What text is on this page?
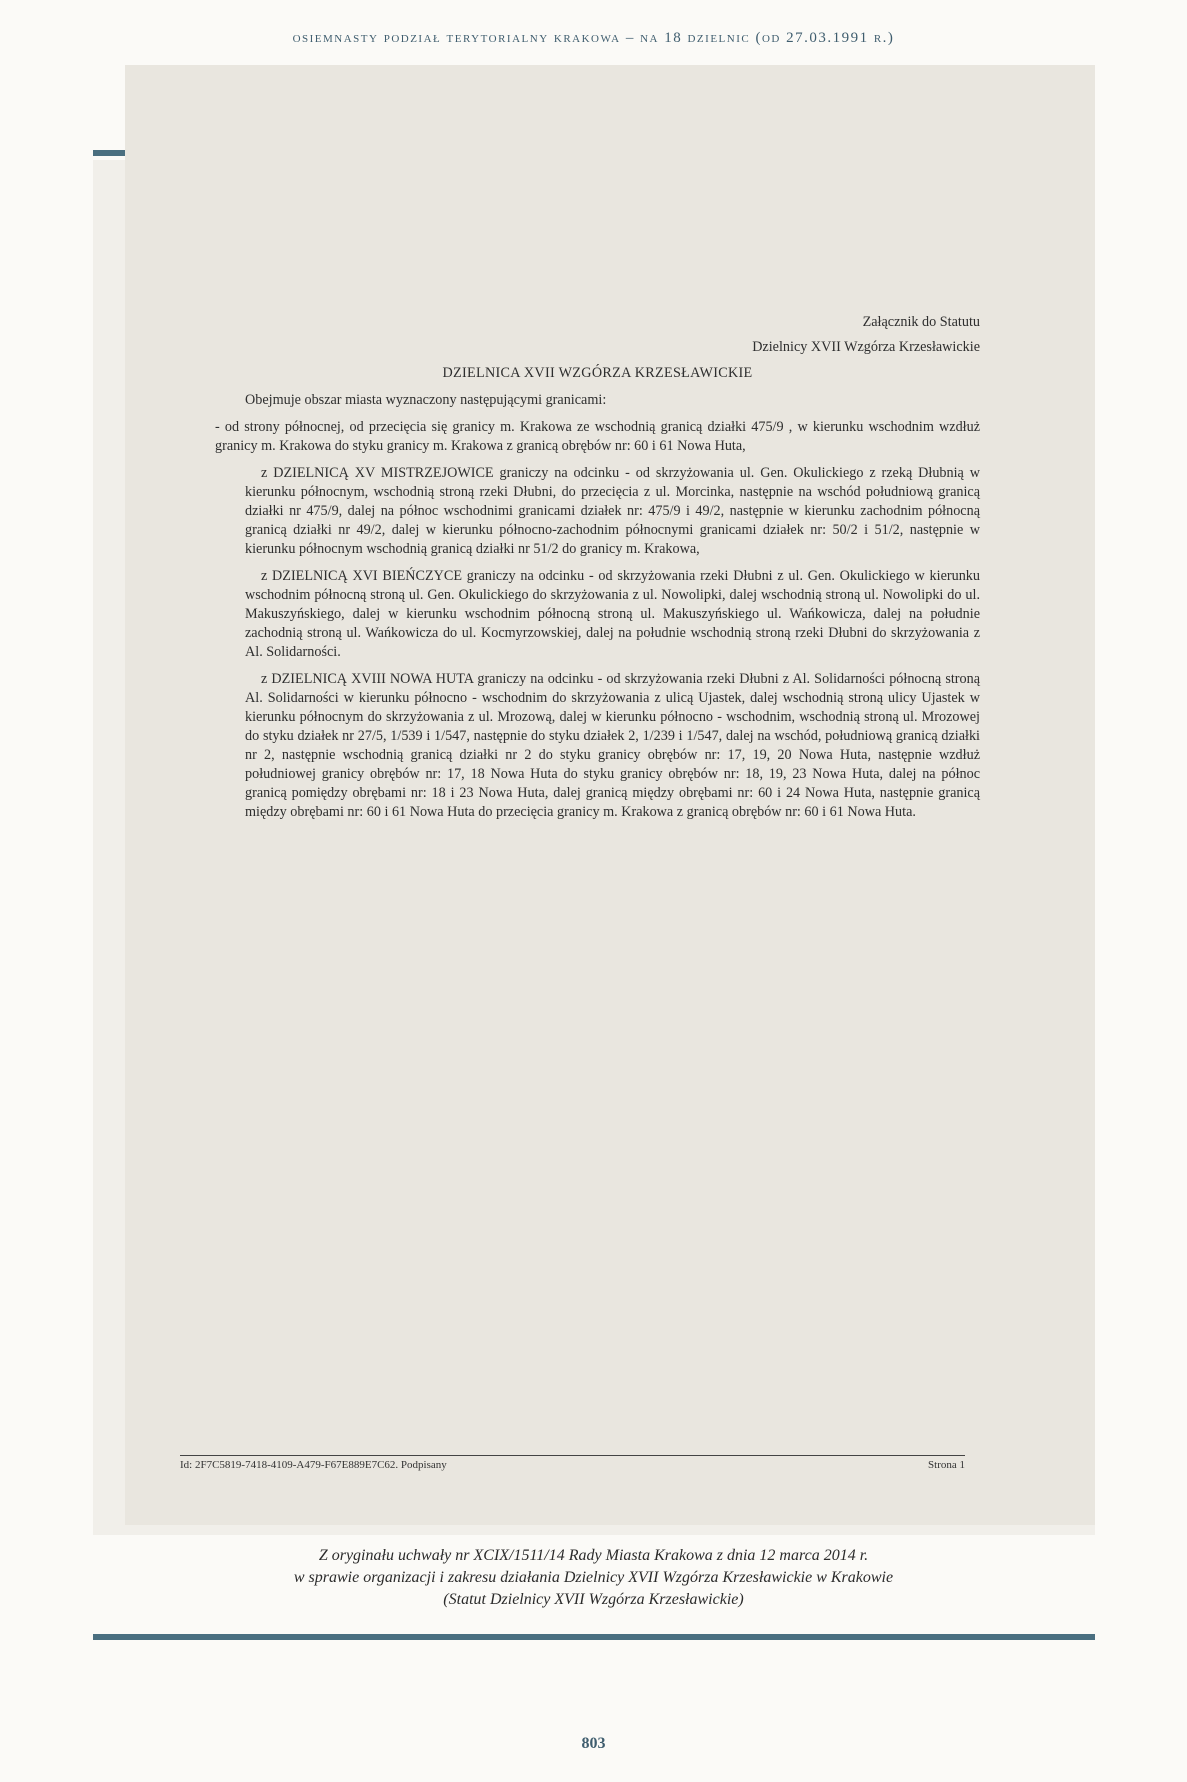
osiemnasty podział terytorialny krakowa – na 18 dzielnic (od 27.03.1991 r.)
Załącznik do Statutu
Dzielnicy XVII Wzgórza Krzesławickie
DZIELNICA XVII WZGÓRZA KRZESŁAWICKIE
Obejmuje obszar miasta wyznaczony następującymi granicami:
- od strony północnej, od przecięcia się granicy m. Krakowa ze wschodnią granicą działki 475/9 , w kierunku wschodnim wzdłuż granicy m. Krakowa do styku granicy m. Krakowa z granicą obrębów nr: 60 i 61 Nowa Huta,
z DZIELNICĄ XV MISTRZEJOWICE graniczy na odcinku - od skrzyżowania ul. Gen. Okulickiego z rzeką Dłubnią w kierunku północnym, wschodnią stroną rzeki Dłubni, do przecięcia z ul. Morcinka, następnie na wschód południową granicą działki nr 475/9, dalej na północ wschodnimi granicami działek nr: 475/9 i 49/2, następnie w kierunku zachodnim północną granicą działki nr 49/2, dalej w kierunku północno-zachodnim północnymi granicami działek nr: 50/2 i 51/2, następnie w kierunku północnym wschodnią granicą działki nr 51/2 do granicy m. Krakowa,
z DZIELNICĄ XVI BIEŃCZYCE graniczy na odcinku - od skrzyżowania rzeki Dłubni z ul. Gen. Okulickiego w kierunku wschodnim północną stroną ul. Gen. Okulickiego do skrzyżowania z ul. Nowolipki, dalej wschodnią stroną ul. Nowolipki do ul. Makuszyńskiego, dalej w kierunku wschodnim północną stroną ul. Makuszyńskiego ul. Wańkowicza, dalej na południe zachodnią stroną ul. Wańkowicza do ul. Kocmyrzowskiej, dalej na południe wschodnią stroną rzeki Dłubni do skrzyżowania z Al. Solidarności.
z DZIELNICĄ XVIII NOWA HUTA graniczy na odcinku - od skrzyżowania rzeki Dłubni z Al. Solidarności północną stroną Al. Solidarności w kierunku północno - wschodnim do skrzyżowania z ulicą Ujastek, dalej wschodnią stroną ulicy Ujastek w kierunku północnym do skrzyżowania z ul. Mrozową, dalej w kierunku północno - wschodnim, wschodnią stroną ul. Mrozowej do styku działek nr 27/5, 1/539 i 1/547, następnie do styku działek 2, 1/239 i 1/547, dalej na wschód, południową granicą działki nr 2, następnie wschodnią granicą działki nr 2 do styku granicy obrębów nr: 17, 19, 20 Nowa Huta, następnie wzdłuż południowej granicy obrębów nr: 17, 18 Nowa Huta do styku granicy obrębów nr: 18, 19, 23 Nowa Huta, dalej na północ granicą pomiędzy obrębami nr: 18 i 23 Nowa Huta, dalej granicą między obrębami nr: 60 i 24 Nowa Huta, następnie granicą między obrębami nr: 60 i 61 Nowa Huta do przecięcia granicy m. Krakowa z granicą obrębów nr: 60 i 61 Nowa Huta.
Id: 2F7C5819-7418-4109-A479-F67E889E7C62. Podpisany	Strona 1
Z oryginału uchwały nr XCIX/1511/14 Rady Miasta Krakowa z dnia 12 marca 2014 r.
w sprawie organizacji i zakresu działania Dzielnicy XVII Wzgórza Krzesławickie w Krakowie
(Statut Dzielnicy XVII Wzgórza Krzesławickie)
803
